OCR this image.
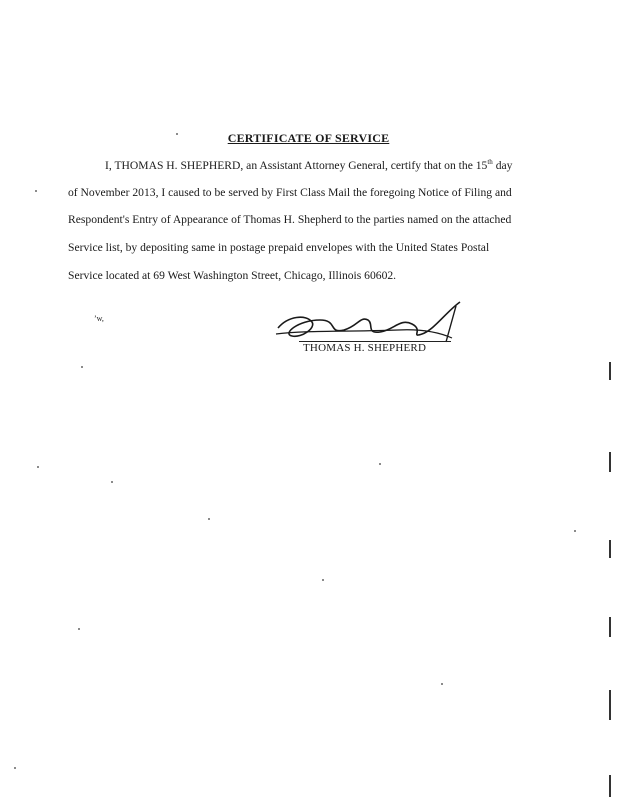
CERTIFICATE OF SERVICE
I, THOMAS H. SHEPHERD, an Assistant Attorney General, certify that on the 15th day
of November 2013, I caused to be served by First Class Mail the foregoing Notice of Filing and
Respondent's Entry of Appearance of Thomas H. Shepherd to the parties named on the attached
Service list, by depositing same in postage prepaid envelopes with the United States Postal
Service located at 69 West Washington Street, Chicago, Illinois 60602.
’w,
THOMAS H. SHEPHERD
